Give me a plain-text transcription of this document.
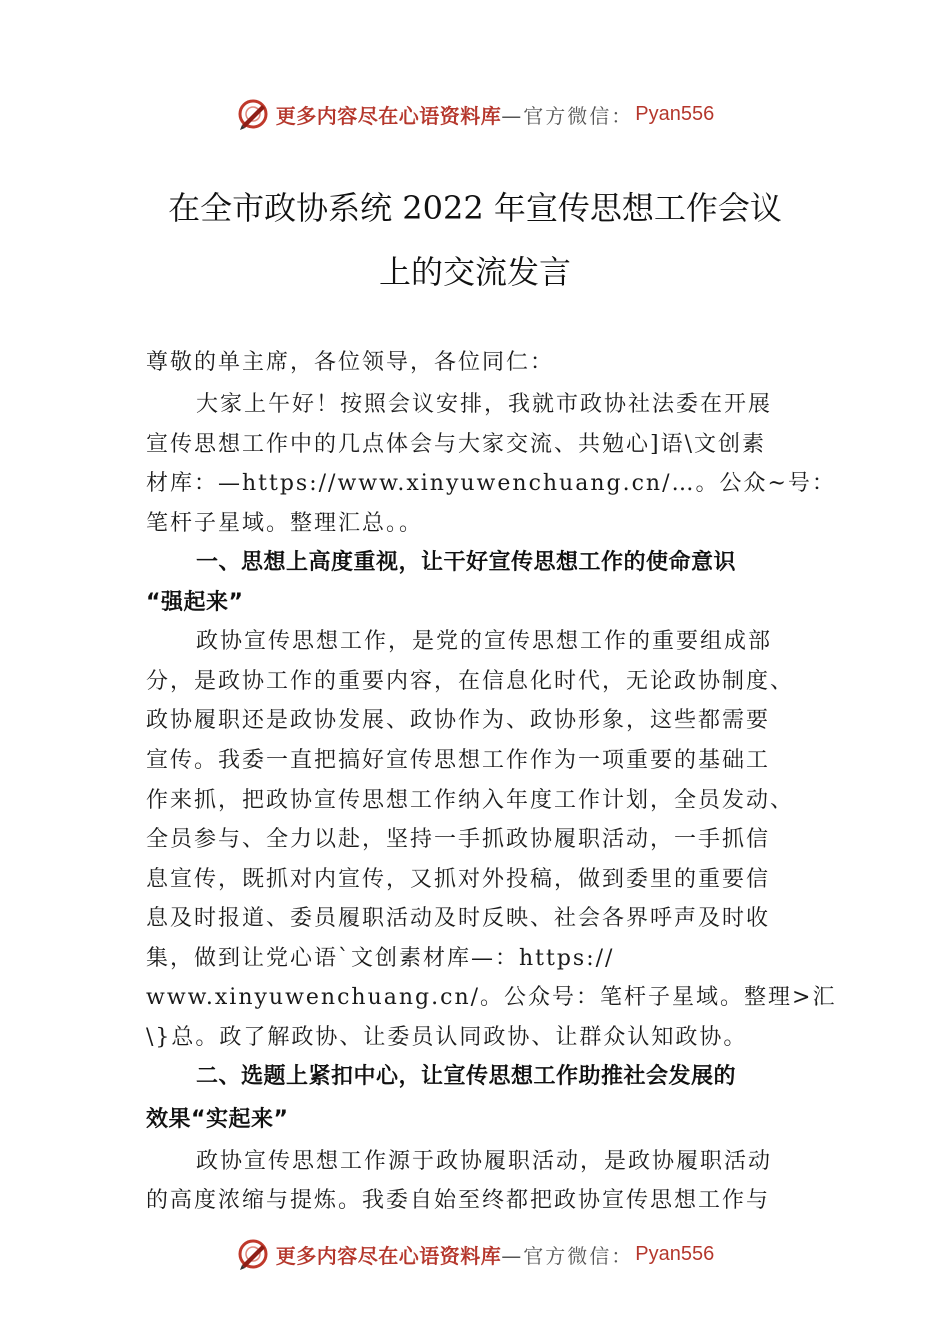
更多内容尽在心语资料库 —官方微信： Pyan556
在全市政协系统 2022 年宣传思想工作会议
上的交流发言
尊敬的单主席，各位领导，各位同仁：
大家上午好！按照会议安排，我就市政协社法委在开展
宣传思想工作中的几点体会与大家交流、共勉心]语\文创素
材库：—https://www.xinyuwenchuang.cn/…。公众~号：
笔杆子星域。整理汇总。。
一、思想上高度重视，让干好宣传思想工作的使命意识
“强起来”
政协宣传思想工作，是党的宣传思想工作的重要组成部
分，是政协工作的重要内容，在信息化时代，无论政协制度、
政协履职还是政协发展、政协作为、政协形象，这些都需要
宣传。我委一直把搞好宣传思想工作作为一项重要的基础工
作来抓，把政协宣传思想工作纳入年度工作计划，全员发动、
全员参与、全力以赴，坚持一手抓政协履职活动，一手抓信
息宣传，既抓对内宣传，又抓对外投稿，做到委里的重要信
息及时报道、委员履职活动及时反映、社会各界呼声及时收
集，做到让党心语`文创素材库—：https://
www.xinyuwenchuang.cn/。公众号：笔杆子星域。整理>汇
\}总。政了解政协、让委员认同政协、让群众认知政协。
二、选题上紧扣中心，让宣传思想工作助推社会发展的
效果“实起来”
政协宣传思想工作源于政协履职活动，是政协履职活动
的高度浓缩与提炼。我委自始至终都把政协宣传思想工作与
更多内容尽在心语资料库 —官方微信： Pyan556
